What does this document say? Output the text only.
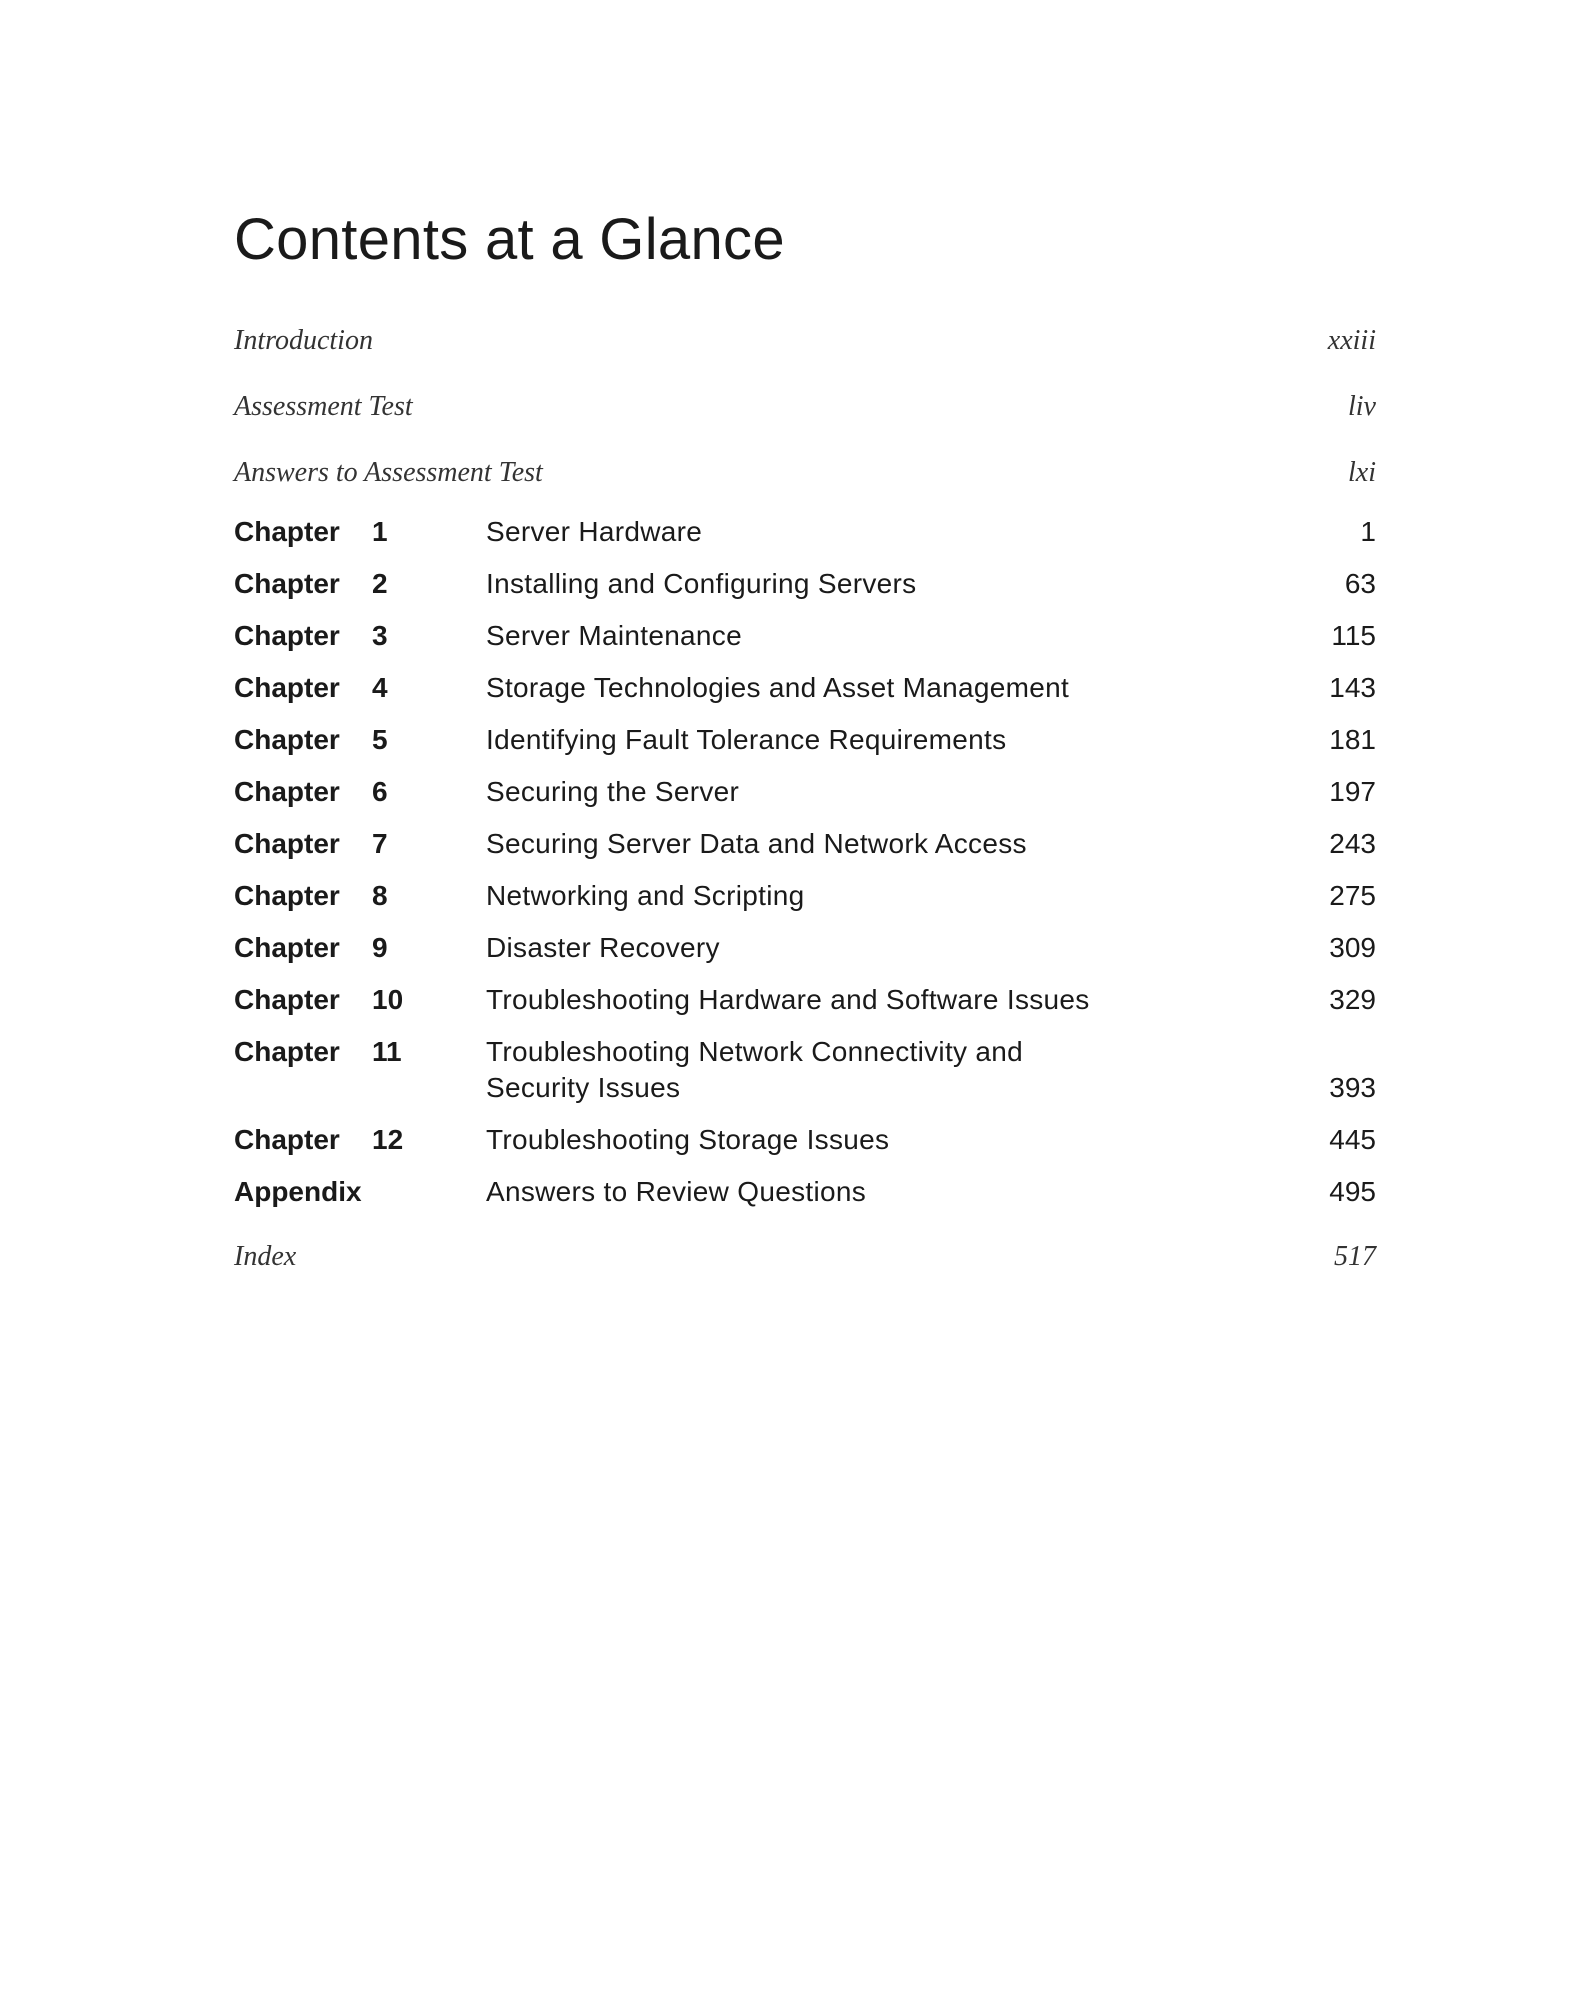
Contents at a Glance
Introduction	xxiii
Assessment Test	liv
Answers to Assessment Test	lxi
Chapter 1	Server Hardware	1
Chapter 2	Installing and Configuring Servers	63
Chapter 3	Server Maintenance	115
Chapter 4	Storage Technologies and Asset Management	143
Chapter 5	Identifying Fault Tolerance Requirements	181
Chapter 6	Securing the Server	197
Chapter 7	Securing Server Data and Network Access	243
Chapter 8	Networking and Scripting	275
Chapter 9	Disaster Recovery	309
Chapter 10	Troubleshooting Hardware and Software Issues	329
Chapter 11	Troubleshooting Network Connectivity and Security Issues	393
Chapter 12	Troubleshooting Storage Issues	445
Appendix	Answers to Review Questions	495
Index	517
